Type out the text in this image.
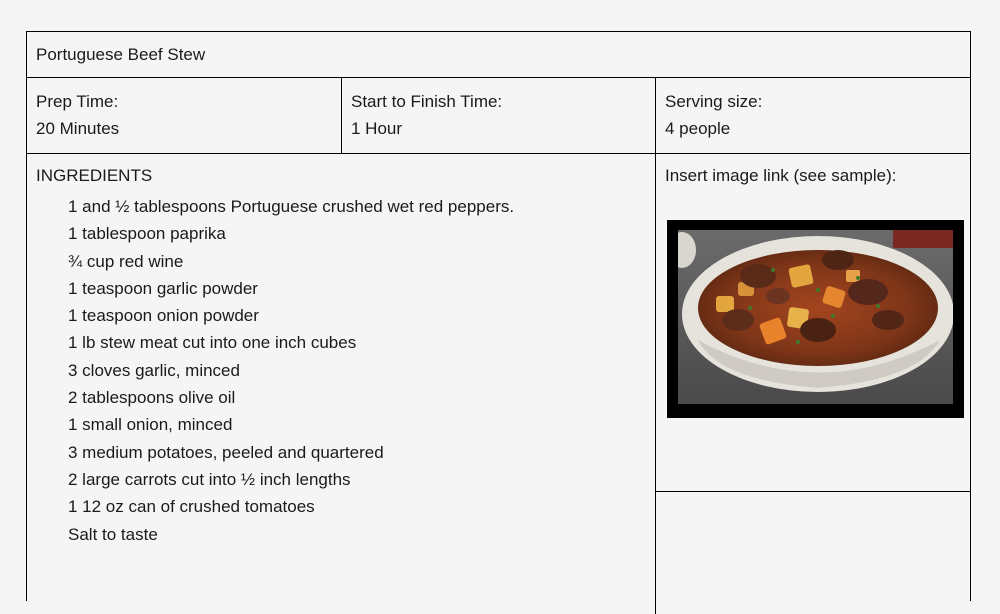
Portuguese Beef Stew
Prep Time:
20 Minutes
Start to Finish Time:
1 Hour
Serving size:
4 people
INGREDIENTS
1 and ½ tablespoons Portuguese crushed wet red peppers.
1 tablespoon paprika
¾ cup red wine
1 teaspoon garlic powder
1 teaspoon onion powder
1 lb stew meat cut into one inch cubes
3 cloves garlic, minced
2 tablespoons olive oil
1 small onion, minced
3 medium potatoes, peeled and quartered
2 large carrots cut into ½ inch lengths
1 12 oz can of crushed tomatoes
Salt to taste
Insert image link (see sample):
